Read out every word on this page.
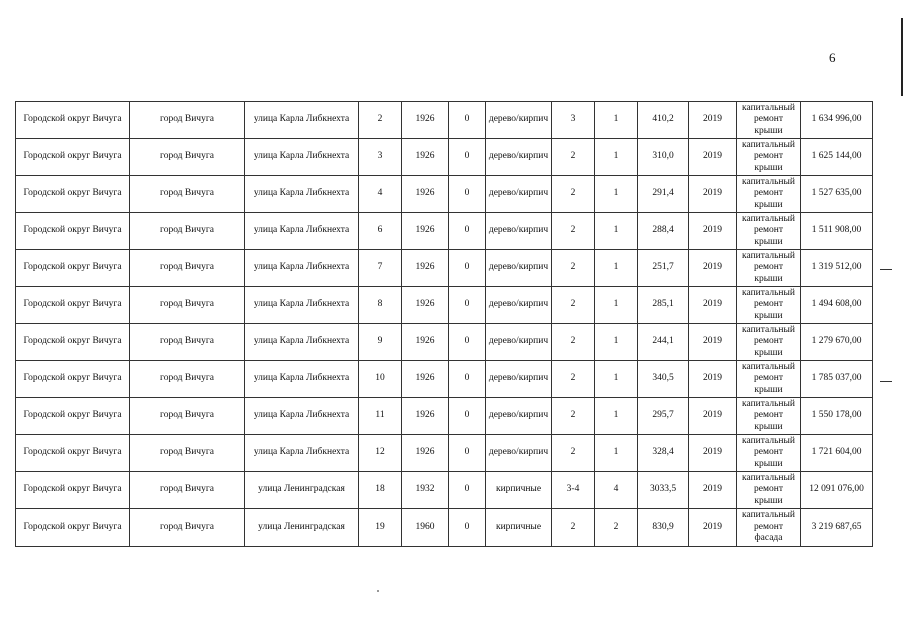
6
Городской округ Вичуга	город Вичуга	улица Карла Либкнехта	2	1926	0	дерево/кирпич	3	1	410,2	2019	капитальный ремонт крыши	1 634 996,00
Городской округ Вичуга	город Вичуга	улица Карла Либкнехта	3	1926	0	дерево/кирпич	2	1	310,0	2019	капитальный ремонт крыши	1 625 144,00
Городской округ Вичуга	город Вичуга	улица Карла Либкнехта	4	1926	0	дерево/кирпич	2	1	291,4	2019	капитальный ремонт крыши	1 527 635,00
Городской округ Вичуга	город Вичуга	улица Карла Либкнехта	6	1926	0	дерево/кирпич	2	1	288,4	2019	капитальный ремонт крыши	1 511 908,00
Городской округ Вичуга	город Вичуга	улица Карла Либкнехта	7	1926	0	дерево/кирпич	2	1	251,7	2019	капитальный ремонт крыши	1 319 512,00
Городской округ Вичуга	город Вичуга	улица Карла Либкнехта	8	1926	0	дерево/кирпич	2	1	285,1	2019	капитальный ремонт крыши	1 494 608,00
Городской округ Вичуга	город Вичуга	улица Карла Либкнехта	9	1926	0	дерево/кирпич	2	1	244,1	2019	капитальный ремонт крыши	1 279 670,00
Городской округ Вичуга	город Вичуга	улица Карла Либкнехта	10	1926	0	дерево/кирпич	2	1	340,5	2019	капитальный ремонт крыши	1 785 037,00
Городской округ Вичуга	город Вичуга	улица Карла Либкнехта	11	1926	0	дерево/кирпич	2	1	295,7	2019	капитальный ремонт крыши	1 550 178,00
Городской округ Вичуга	город Вичуга	улица Карла Либкнехта	12	1926	0	дерево/кирпич	2	1	328,4	2019	капитальный ремонт крыши	1 721 604,00
Городской округ Вичуга	город Вичуга	улица Ленинградская	18	1932	0	кирпичные	3-4	4	3033,5	2019	капитальный ремонт крыши	12 091 076,00
Городской округ Вичуга	город Вичуга	улица Ленинградская	19	1960	0	кирпичные	2	2	830,9	2019	капитальный ремонт фасада	3 219 687,65
